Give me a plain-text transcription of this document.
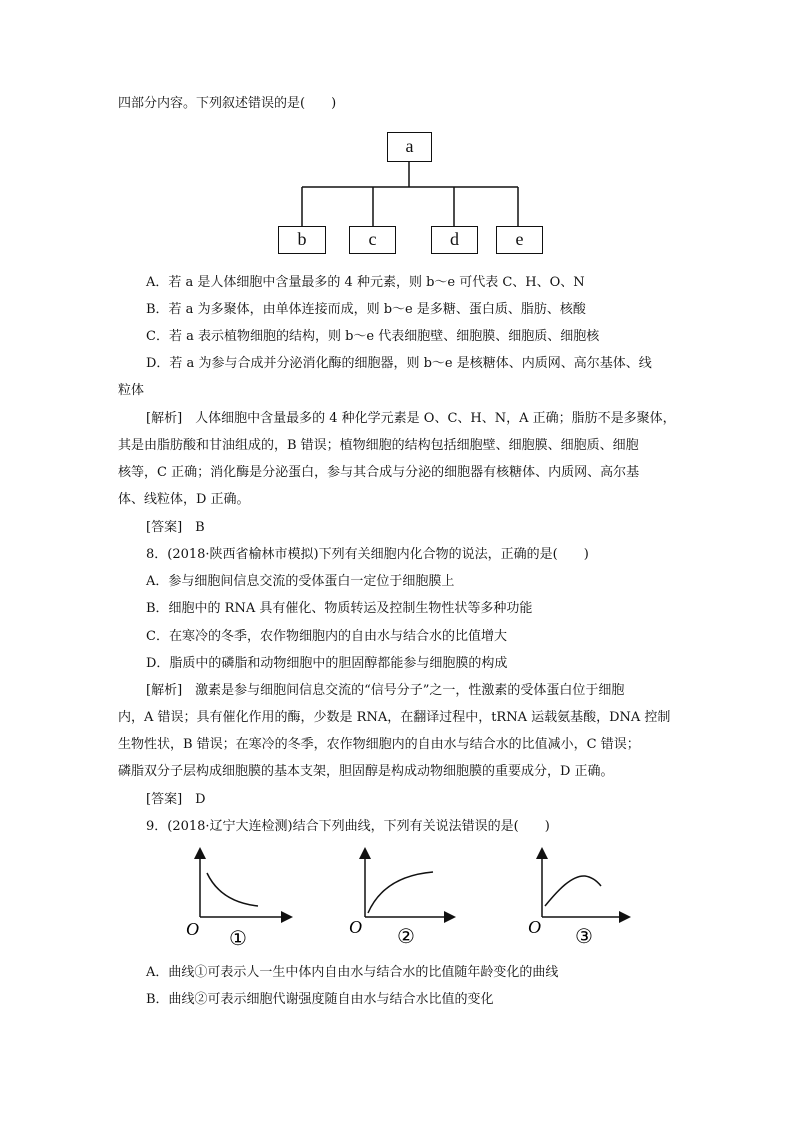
四部分内容。下列叙述错误的是(　　)
a
b	c	d	e
A．若 a 是人体细胞中含量最多的 4 种元素，则 b～e 可代表 C、H、O、N
B．若 a 为多聚体，由单体连接而成，则 b～e 是多糖、蛋白质、脂肪、核酸
C．若 a 表示植物细胞的结构，则 b～e 代表细胞壁、细胞膜、细胞质、细胞核
D．若 a 为参与合成并分泌消化酶的细胞器，则 b～e 是核糖体、内质网、高尔基体、线
粒体
[解析]　人体细胞中含量最多的 4 种化学元素是 O、C、H、N，A 正确；脂肪不是多聚体，
其是由脂肪酸和甘油组成的，B 错误；植物细胞的结构包括细胞壁、细胞膜、细胞质、细胞
核等，C 正确；消化酶是分泌蛋白，参与其合成与分泌的细胞器有核糖体、内质网、高尔基
体、线粒体，D 正确。
[答案]　B
8．(2018·陕西省榆林市模拟)下列有关细胞内化合物的说法，正确的是(　　)
A．参与细胞间信息交流的受体蛋白一定位于细胞膜上
B．细胞中的 RNA 具有催化、物质转运及控制生物性状等多种功能
C．在寒冷的冬季，农作物细胞内的自由水与结合水的比值增大
D．脂质中的磷脂和动物细胞中的胆固醇都能参与细胞膜的构成
[解析]　激素是参与细胞间信息交流的“信号分子”之一，性激素的受体蛋白位于细胞
内，A 错误；具有催化作用的酶，少数是 RNA，在翻译过程中，tRNA 运载氨基酸，DNA 控制
生物性状，B 错误；在寒冷的冬季，农作物细胞内的自由水与结合水的比值减小，C 错误；
磷脂双分子层构成细胞膜的基本支架，胆固醇是构成动物细胞膜的重要成分，D 正确。
[答案]　D
9．(2018·辽宁大连检测)结合下列曲线，下列有关说法错误的是(　　)
O ①
O ②	O ③
A．曲线①可表示人一生中体内自由水与结合水的比值随年龄变化的曲线
B．曲线②可表示细胞代谢强度随自由水与结合水比值的变化
